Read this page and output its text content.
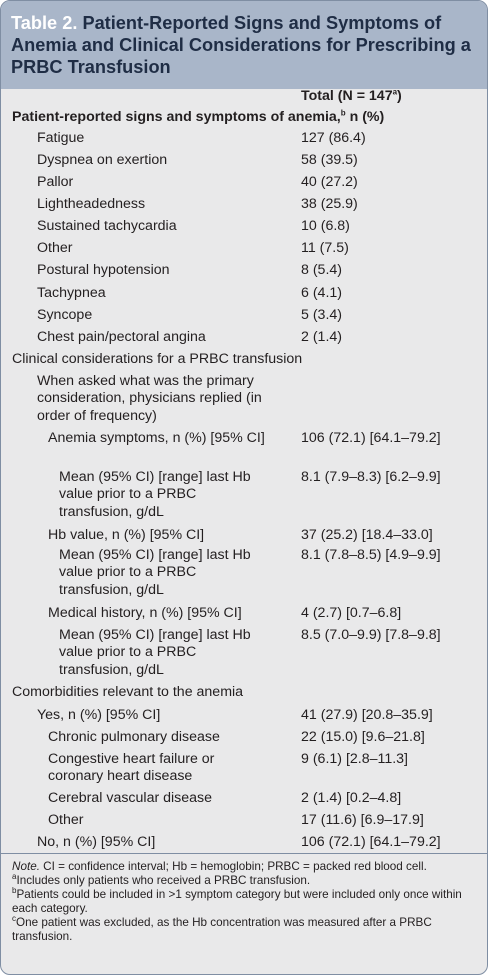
Table 2. Patient-Reported Signs and Symptoms of Anemia and Clinical Considerations for Prescribing a PRBC Transfusion
Total $(N = 147^a)$
Patient-reported signs and symptoms of anemia,$^b$ n (%)
Fatigue	127 (86.4)
Dyspnea on exertion	58 (39.5)
Pallor	40 (27.2)
Lightheadedness	38 (25.9)
Sustained tachycardia	10 (6.8)
Other	11 (7.5)
Postural hypotension	8 (5.4)
Tachypnea	6 (4.1)
Syncope	5 (3.4)
Chest pain/pectoral angina	2 (1.4)
Clinical considerations for a PRBC transfusion
When asked what was the primary consideration, physicians replied (in order of frequency)
Anemia symptoms, n (%) [95% CI]	106 (72.1) [64.1–79.2]
Mean (95% CI) [range] last Hb value prior to a PRBC transfusion, g/dL
8.1 (7.9–8.3) [6.2–9.9]
Hb value, n (%) [95% CI]	37 (25.2) [18.4–33.0]
Mean (95% CI) [range] last Hb value prior to a PRBC transfusion, g/dL
8.1 (7.8–8.5) [4.9–9.9]
Medical history, n (%) [95% CI]	4 (2.7) [0.7–6.8]
Mean (95% CI) [range] last Hb value prior to a PRBC transfusion, g/dL
8.5 (7.0–9.9) [7.8–9.8]
Comorbidities relevant to the anemia
Yes, n (%) [95% CI]	41 (27.9) [20.8–35.9]
Chronic pulmonary disease	22 (15.0) [9.6–21.8]
Congestive heart failure or coronary heart disease
9 (6.1) [2.8–11.3]
Cerebral vascular disease	2 (1.4) [0.2–4.8]
Other	17 (11.6) [6.9–17.9]
No, n (%) [95% CI]	106 (72.1) [64.1–79.2]
Note. CI = confidence interval; Hb = hemoglobin; PRBC = packed red blood cell.
$^a$Includes only patients who received a PRBC transfusion.
$^b$Patients could be included in >1 symptom category but were included only once within each category.
$^c$One patient was excluded, as the Hb concentration was measured after a PRBC transfusion.
